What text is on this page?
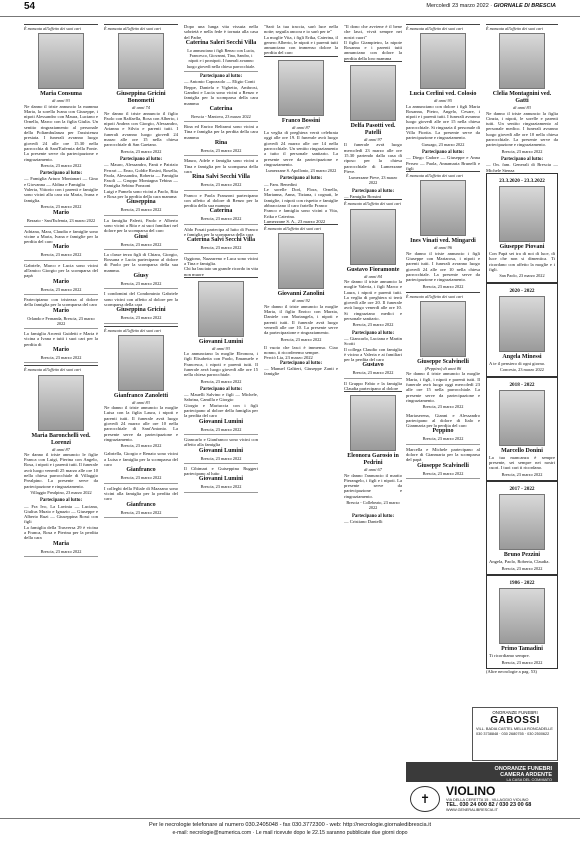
54	Mercoledì 23 marzo 2022 · GIORNALE DI BRESCIA
È mancata all'affetto dei suoi cari
Maria Consuma
di anni 93
Ne danno il triste annuncio la mamma Maria, la sorella Ivana con Giuseppe, i nipoti Alessandro con Maura, Luciano e Ornella, Marco con la figlia Giulia. Un sentito ringraziamento al personale della Poliambulanza per l'assistenza prestata. I funerali avranno luogo giovedì 24 alle ore 15.30 nella parrocchia di Sant'Eufemia della Fonte. La presente serve da partecipazione e ringraziamento.
Brescia, 23 marzo 2022
Partecipano al lutto:
— Famiglia Arturo Montanari — Gino e Giovanna — Aldina e Famiglia
Valeria, Vittorio con i parenti e famiglie sono vicini alla cara zia Maria, Ivana e famiglia.
Brescia, 23 marzo 2022
Mario
Bezzato - Sant'Eufemia, 23 marzo 2022
Adriana, Mara, Claudia e famiglie sono vicine a Maria, Ivana e famiglie per la perdita del caro
Mario
Brescia, 23 marzo 2022
Gabriele, Marco e Lucia sono vicini all'amico Giorgio per la scomparsa del papà
Mario
Brescia, 23 marzo 2022
Partecipiamo con tristezza al dolore della famiglia per la scomparsa del caro
Mario
Orlando e Fernanda, Brescia, 23 marzo 2022
La famiglia Arcenti Guidetti e Maria è vicina a Ivana e tutti i suoi cari per la perdita di
Mario
Brescia, 23 marzo 2022
È mancata all'affetto dei suoi cari
Maria Baronchelli ved. Lorenzi
di anni 87
Ne danno il triste annuncio le figlie Franca con Luigi, Pierina con Angelo, Rosa, i nipoti e i parenti tutti. Il funerale avrà luogo venerdì 25 marzo alle ore 10 nella chiesa parrocchiale di Villaggio Prealpino. La presente serve da partecipazione e ringraziamento.
Villaggio Prealpino, 23 marzo 2022
Partecipano al lutto:
— Fra Ivo, La Lavinia — Luciana, Giulius Muzio e Ignazio — Giuseppe e Alberto Ruzi — Giuseppina Rossi con figli
La famiglia della Trasversa 29 è vicina a Franca, Rosa e Pierina per la perdita della cara
Maria
Brescia, 23 marzo 2022
È mancata all'affetto dei suoi cari
Giuseppina Gricini Bonometti
di anni 74
Ne danno il triste annuncio il figlio Paolo con Raffaella, Rosa con Alberto, i nipoti Andrea con Giorgio, Alessandro, Arianna e Silvia e parenti tutti. I funerali avranno luogo giovedì 24 marzo alle ore 15 nella chiesa parrocchiale di San Gaetano.
Brescia, 23 marzo 2022
Partecipano al lutto:
— Mauro, Alessandro, Fanti e Patrizio Ferrari — Enzo, Goldie Rosini, Rosella, Paola, Alessandra, Roberta — Famiglia Fasoli — Gruppo Montagna Tebina — Famiglia Sebino Ponzoni
Luigi e Pamela sono vicini a Paolo, Rita e Rosa per la perdita della cara mamma
Giuseppina
Brescia, 23 marzo 2022
La famiglia Palerti, Paolo e Alberto sono vicini a Rita e ai suoi familiari nel dolore per la scomparsa del caro
Giusi
Brescia, 23 marzo 2022
La classe terza figli di Chiara, Giorgio, Rossana e Lucia partecipano al dolore di Paolo per la scomparsa della sua mamma.
Giusy
Brescia, 23 marzo 2022
I condomini del Condominio Gabriele sono vicini con affetto al dolore per la scomparsa della cara
Giuseppina Gricini
Brescia, 23 marzo 2022
È mancato all'affetto dei suoi cari
Gianfranco Zanoletti
di anni 83
Ne danno il triste annuncio la moglie Luisa con la figlia Laura, i nipoti e parenti tutti. Il funerale avrà luogo giovedì 24 marzo alle ore 10 nella parrocchiale di Sant'Antonio. La presente serve da partecipazione e ringraziamento.
Brescia, 23 marzo 2022
Gabriella, Giorgio e Renato sono vicini a Luisa e famiglia per la scomparsa del caro
Gianfranco
Brescia, 23 marzo 2022
I colleghi della Filiale di Mazzano sono vicini alla famiglia per la perdita del caro
Gianfranco
Brescia, 23 marzo 2022
Dopo una lunga vita vissuta nella sobrietà e nella fede è tornata alla casa del Padre
Caterina Saleri Secchi Villa
Lo annunciano i figli Renzo con Lucia, Francesco, Giovanni, Tina, Sandro, i nipoti e i pronipoti. I funerali avranno luogo giovedì nella chiesa parrocchiale.
Partecipano al lutto:
— Antonio Capozzolo — Eligio Conti
Beppe, Daniela e Vighetto, Ambrosi, Gandini e Lucia sono vicini a Renzo e famiglia per la scomparsa della cara mamma
Caterina
Brescia - Mantova, 23 marzo 2022
Rina ed Enrico Beltrami sono vicini a Tina e famiglia per la perdita della cara mamma
Rina
Brescia, 23 marzo 2022
Mauro, Adele e famiglia sono vicini a Tina e famiglia per la scomparsa della cara
Rina Salvi Secchi Villa
Brescia, 23 marzo 2022
Franco e Paola Franzoni partecipano con affetto al dolore di Renzo per la perdita della sua mamma
Caterina
Brescia, 23 marzo 2022
Aldo Fosati partecipa al lutto di Franco e famiglia per la scomparsa della cara
Caterina Salvi Secchi Villa
Brescia, 23 marzo 2022
Oggiono, Nazzareno e Luca sono vicini a Tina e famiglia.
Chi ha lasciato un grande ricordo in vita non muore
Giovanni Lumini
di anni 93
Lo annunciano la moglie Eleonora, i figli Elisabetta con Paolo, Emanuele e Francesca, i nipoti e parenti tutti. Il funerale avrà luogo giovedì alle ore 15 nella chiesa parrocchiale.
Brescia, 23 marzo 2022
Partecipano al lutto:
— Mauelli Salvino e figli — Michele, Sabrina, Camilla e Giorgio
Giorgio e Mariuccia con i figli partecipano al dolore della famiglia per la perdita del caro
Giovanni Lumini
Brescia, 23 marzo 2022
Giancarlo e Gianfranco sono vicini con affetto alla famiglia
Giovanni Lumini
Brescia, 23 marzo 2022
Il Cibimari e Guiseppina Ruggeri partecipano al lutto
Giovanni Lumini
Brescia, 23 marzo 2022
"Sarò la tua traccia, sarò luce nella notte; seguila ancora e io sarò per te"
La moglie Vita, i figli Erika, Caterina, il genero Alberto, le nipoti e i parenti tutti annunciano con immenso dolore la perdita del caro
Franco Bossini
di anni 87
La veglia di preghiera verrà celebrata oggi alle ore 19. Il funerale avrà luogo giovedì 24 marzo alle ore 14 nella parrocchiale. Un sentito ringraziamento a tutto il personale sanitario. La presente serve da partecipazione e ringraziamento.
Lumezzane S. Apollonio, 23 marzo 2022
Partecipano al lutto:
— Fam. Benedini
Le sorelle Dorì, Flora, Ornella, Marianna, Anna, Tiziana, i cognati, le famiglie, i nipoti con rispetto e famiglie abbracciano il caro fratello Franco
Franco e famiglia sono vicini a Vita, Erika e Caterina.
Lumezzane S. A., 23 marzo 2022
È mancato all'affetto dei suoi cari
Giovanni Zanolini
di anni 92
Ne danno il triste annuncio la moglie Maria, il figlio Enrico con Marzia, Daniele con Mariangela, i nipoti e parenti tutti. Il funerale avrà luogo venerdì alle ore 10. La presente serve da partecipazione e ringraziamento.
Brescia, 23 marzo 2022
Il vuoto che lasci è immenso. Ciao nonno, ti ricorderemo sempre.
Perciò Lia, 23 marzo 2022
Partecipano al lutto:
— Manuel Galtieri, Giuseppe Zanti e famiglie
"Il dono che avviene è il bene che lasci, vivrà sempre nei nostri cuori"
Il figlio Giampietro, la nipote Rosanna e i parenti tutti annunciano con dolore la perdita della loro mamma
Delfa Pasotti ved. Patelli
di anni 97
Il funerale avrà luogo mercoledì 23 marzo alle ore 15.30 partendo dalla casa di riposo per la chiesa parrocchiale di Lumezzane Pieve.
Lumezzane Pieve, 23 marzo 2022
Partecipano al lutto:
— Famiglia Bossini
È mancato all'affetto dei suoi cari
Gustavo Fioramonte
di anni 84
Ne danno il triste annuncio la moglie Valeria, i figli Marco e Laura, i nipoti e parenti tutti. La veglia di preghiera si terrà giovedì alle ore 20. Il funerale avrà luogo venerdì alle ore 10. Si ringraziano medici e personale sanitario.
Brescia, 23 marzo 2022
Partecipano al lutto:
— Giancarlo, Luciana e Martin Scotti
Il collega Claudio con famiglia è vicino a Valeria e ai familiari per la perdita del caro
Gustavo
Brescia, 23 marzo 2022
Il Gruppo Fabio e la famiglia Claudia partecipano al dolore
Eleonora Garosio in Pedrini
di anni 67
Ne danno l'annuncio il marito Pierangelo, i figli e i nipoti. La presente serve da partecipazione e ringraziamento.
Brescia - Collebeato, 23 marzo 2022
Partecipano al lutto:
— Cristiano Dantelli
È mancata all'affetto dei suoi cari
Lucia Cerlini ved. Colosio
di anni 95
La annunciano con dolore i figli Maria Rosanna, Pietro, Angelo, Cesare, i nipoti e i parenti tutti. I funerali avranno luogo giovedì alle ore 15 nella chiesa parrocchiale. Si ringrazia il personale di Villa Fiorita. La presente serve da partecipazione e ringraziamento.
Gussago, 23 marzo 2022
Partecipano al lutto:
— Diego Cadore — Giuseppe e Anna Perseo — Paola, Annamaria Brunelli e figli
È mancata all'affetto dei suoi cari
Ines Vinati ved. Mingardi
di anni 96
Ne danno il triste annuncio i figli Giuseppe con Mariarosa, i nipoti e parenti tutti. I funerali avranno luogo giovedì 24 alle ore 10 nella chiesa parrocchiale. La presente serve da partecipazione e ringraziamento.
Brescia, 23 marzo 2022
È mancato all'affetto dei suoi cari
Giuseppe Scalvinelli
(Peppino) di anni 86
Ne danno il triste annuncio la moglie Maria, i figli, i nipoti e parenti tutti. Il funerale avrà luogo oggi mercoledì 23 alle ore 15 nella parrocchiale. La presente serve da partecipazione e ringraziamento.
Brescia, 23 marzo 2022
Mariaserena, Gianni e Alessandro partecipano al dolore di Italo e Gianmaria per la perdita del caro
Peppino
Brescia, 23 marzo 2022
Marcella e Michele partecipano al dolore di Gianmaria per la scomparsa del papà
Giuseppe Scalvinelli
Brescia, 23 marzo 2022
È mancata all'affetto dei suoi cari
Clelia Montagnini ved. Gatti
di anni 83
Ne danno il triste annuncio la figlia Cinzia, i nipoti, le sorelle e parenti tutti. Un sentito ringraziamento al personale medico. I funerali avranno luogo giovedì alle ore 10 nella chiesa parrocchiale. La presente serve da partecipazione e ringraziamento.
Brescia, 23 marzo 2022
Partecipano al lutto:
— On. fam. Generali di Brescia — Michele Stenza
23.3.2020 - 23.3.2022
Giuseppe Piovani
Con Papà sei tra di noi di luce, di luce che non si dimentica. Ti ricordano con affetto la moglie e i figli.
San Paolo, 23 marzo 2022
2020 - 2022
Angela Minessi
A te il pensiero di ogni giorno.
Concesio, 23 marzo 2022
2018 - 2022
Marcello Donini
La tua mancanza è sempre presente, sei sempre nei nostri cuori. I tuoi cari ti ricordano.
Brescia, 23 marzo 2022
2017 - 2022
Bruno Pezzini
Angela, Paolo, Roberta, Claudia.
Brescia, 23 marzo 2022
1986 - 2022
Primo Tamadini
Ti ricordiamo sempre.
Brescia, 23 marzo 2022
(Altre necrologie a pag. 53)
ONORANZE FUNEBRI
GABOSSI
VILL. BADIA CASTEL MELLA RONCADELLE
030 3738848 · 030 2680755 · 030 2500622
ONORANZE FUNEBRI
CAMERA ARDENTE
LA CASA DEL COMMIATO
✝
VIOLINO
VIA DELLA CERETTA 15 - VILLAGGIO VIOLINO
TEL. 030 24 000 82 / 030 23 00 68
WWW.GENERALIBRESCIA.IT
Per le necrologie telefonare al numero 030.2405048 - fax 030.3772300 - web: http://necrologie.giornaledibrescia.it
e-mail: necrologie@numerica.com · Le mail ricevute dopo le 22.15 saranno pubblicate due giorni dopo
